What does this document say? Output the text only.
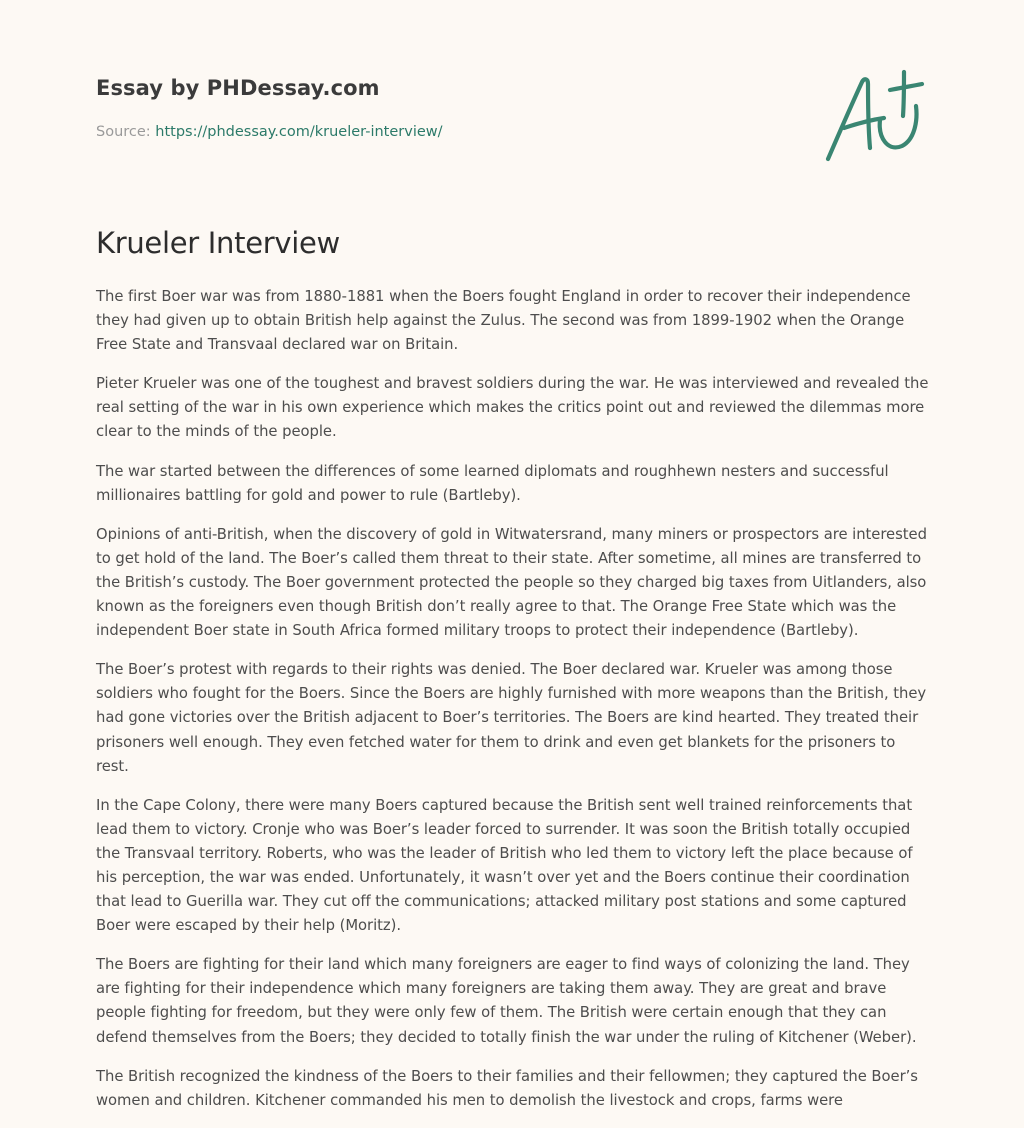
Essay by PHDessay.com
Source: https://phdessay.com/krueler-interview/
Krueler Interview

The first Boer war was from 1880-1881 when the Boers fought England in order to recover their independence they had given up to obtain British help against the Zulus. The second was from 1899-1902 when the Orange Free State and Transvaal declared war on Britain.

Pieter Krueler was one of the toughest and bravest soldiers during the war. He was interviewed and revealed the real setting of the war in his own experience which makes the critics point out and reviewed the dilemmas more clear to the minds of the people.

The war started between the differences of some learned diplomats and roughhewn nesters and successful millionaires battling for gold and power to rule (Bartleby).

Opinions of anti-British, when the discovery of gold in Witwatersrand, many miners or prospectors are interested to get hold of the land. The Boer’s called them threat to their state. After sometime, all mines are transferred to the British’s custody. The Boer government protected the people so they charged big taxes from Uitlanders, also known as the foreigners even though British don’t really agree to that. The Orange Free State which was the independent Boer state in South Africa formed military troops to protect their independence (Bartleby).

The Boer’s protest with regards to their rights was denied. The Boer declared war. Krueler was among those soldiers who fought for the Boers. Since the Boers are highly furnished with more weapons than the British, they had gone victories over the British adjacent to Boer’s territories. The Boers are kind hearted. They treated their prisoners well enough. They even fetched water for them to drink and even get blankets for the prisoners to rest.

In the Cape Colony, there were many Boers captured because the British sent well trained reinforcements that lead them to victory. Cronje who was Boer’s leader forced to surrender. It was soon the British totally occupied the Transvaal territory. Roberts, who was the leader of British who led them to victory left the place because of his perception, the war was ended. Unfortunately, it wasn’t over yet and the Boers continue their coordination that lead to Guerilla war. They cut off the communications; attacked military post stations and some captured Boer were escaped by their help (Moritz).

The Boers are fighting for their land which many foreigners are eager to find ways of colonizing the land. They are fighting for their independence which many foreigners are taking them away. They are great and brave people fighting for freedom, but they were only few of them. The British were certain enough that they can defend themselves from the Boers; they decided to totally finish the war under the ruling of Kitchener (Weber).

The British recognized the kindness of the Boers to their families and their fellowmen; they captured the Boer’s women and children. Kitchener commanded his men to demolish the livestock and crops, farms were
